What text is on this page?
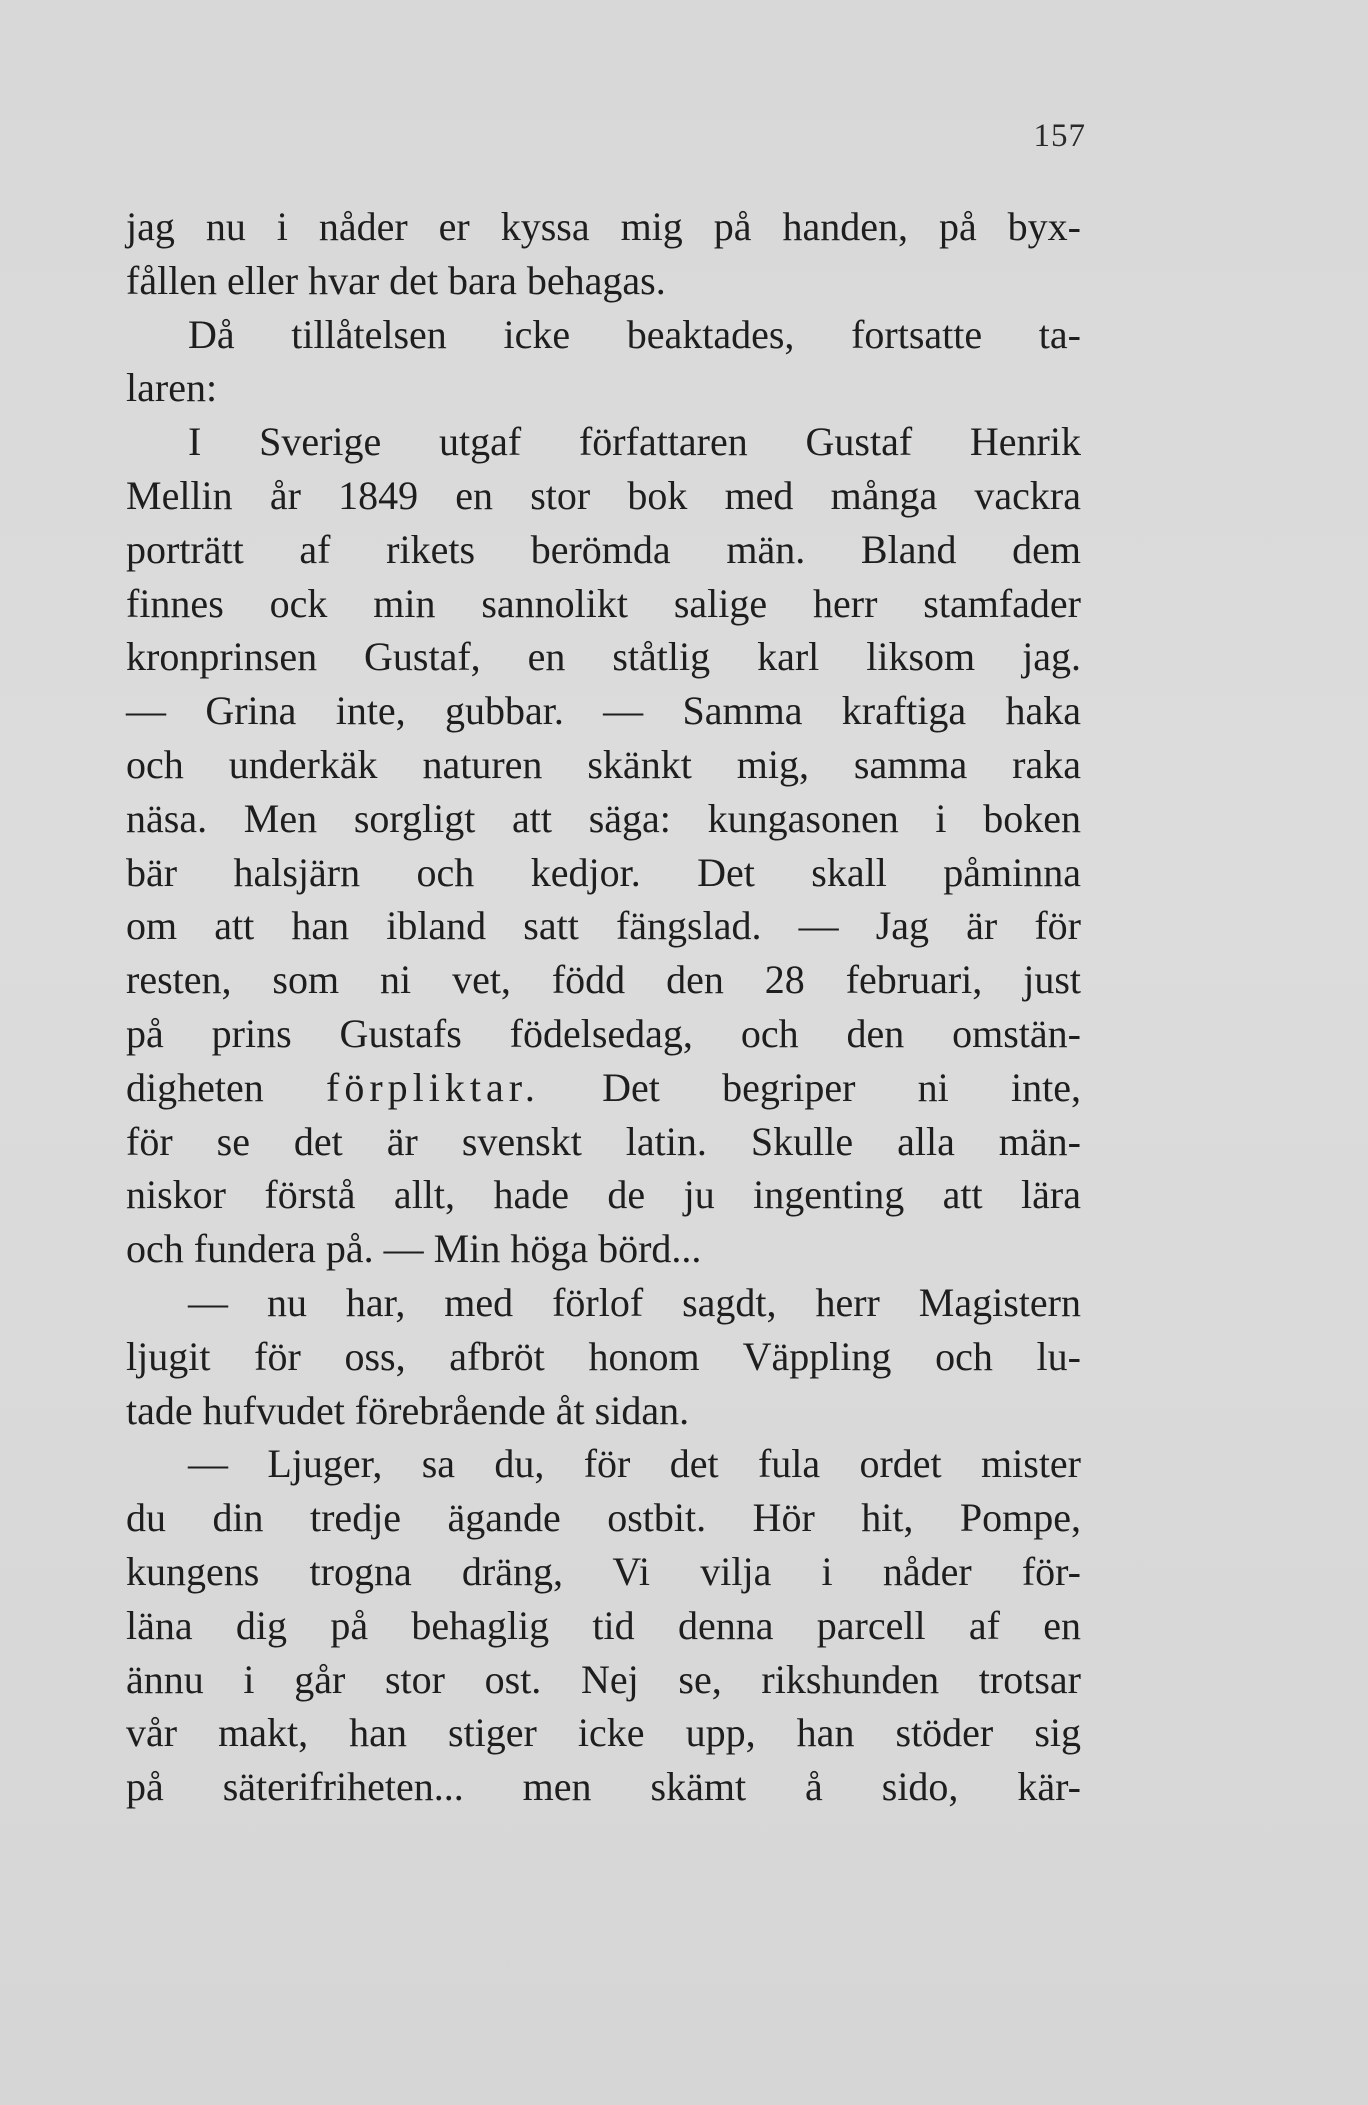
157
jag nu i nåder er kyssa mig på handen, på byx-
fållen eller hvar det bara behagas.
Då tillåtelsen icke beaktades, fortsatte ta-
laren:
I Sverige utgaf författaren Gustaf Henrik
Mellin år 1849 en stor bok med många vackra
porträtt af rikets berömda män. Bland dem
finnes ock min sannolikt salige herr stamfader
kronprinsen Gustaf, en ståtlig karl liksom jag.
— Grina inte, gubbar. — Samma kraftiga haka
och underkäk naturen skänkt mig, samma raka
näsa. Men sorgligt att säga: kungasonen i boken
bär halsjärn och kedjor. Det skall påminna
om att han ibland satt fängslad. — Jag är för
resten, som ni vet, född den 28 februari, just
på prins Gustafs födelsedag, och den omstän-
digheten förpliktar. Det begriper ni inte,
för se det är svenskt latin. Skulle alla män-
niskor förstå allt, hade de ju ingenting att lära
och fundera på. — Min höga börd...
— nu har, med förlof sagdt, herr Magistern
ljugit för oss, afbröt honom Väppling och lu-
tade hufvudet förebrående åt sidan.
— Ljuger, sa du, för det fula ordet mister
du din tredje ägande ostbit. Hör hit, Pompe,
kungens trogna dräng, Vi vilja i nåder för-
läna dig på behaglig tid denna parcell af en
ännu i går stor ost. Nej se, rikshunden trotsar
vår makt, han stiger icke upp, han stöder sig
på säterifriheten... men skämt å sido, kär-
